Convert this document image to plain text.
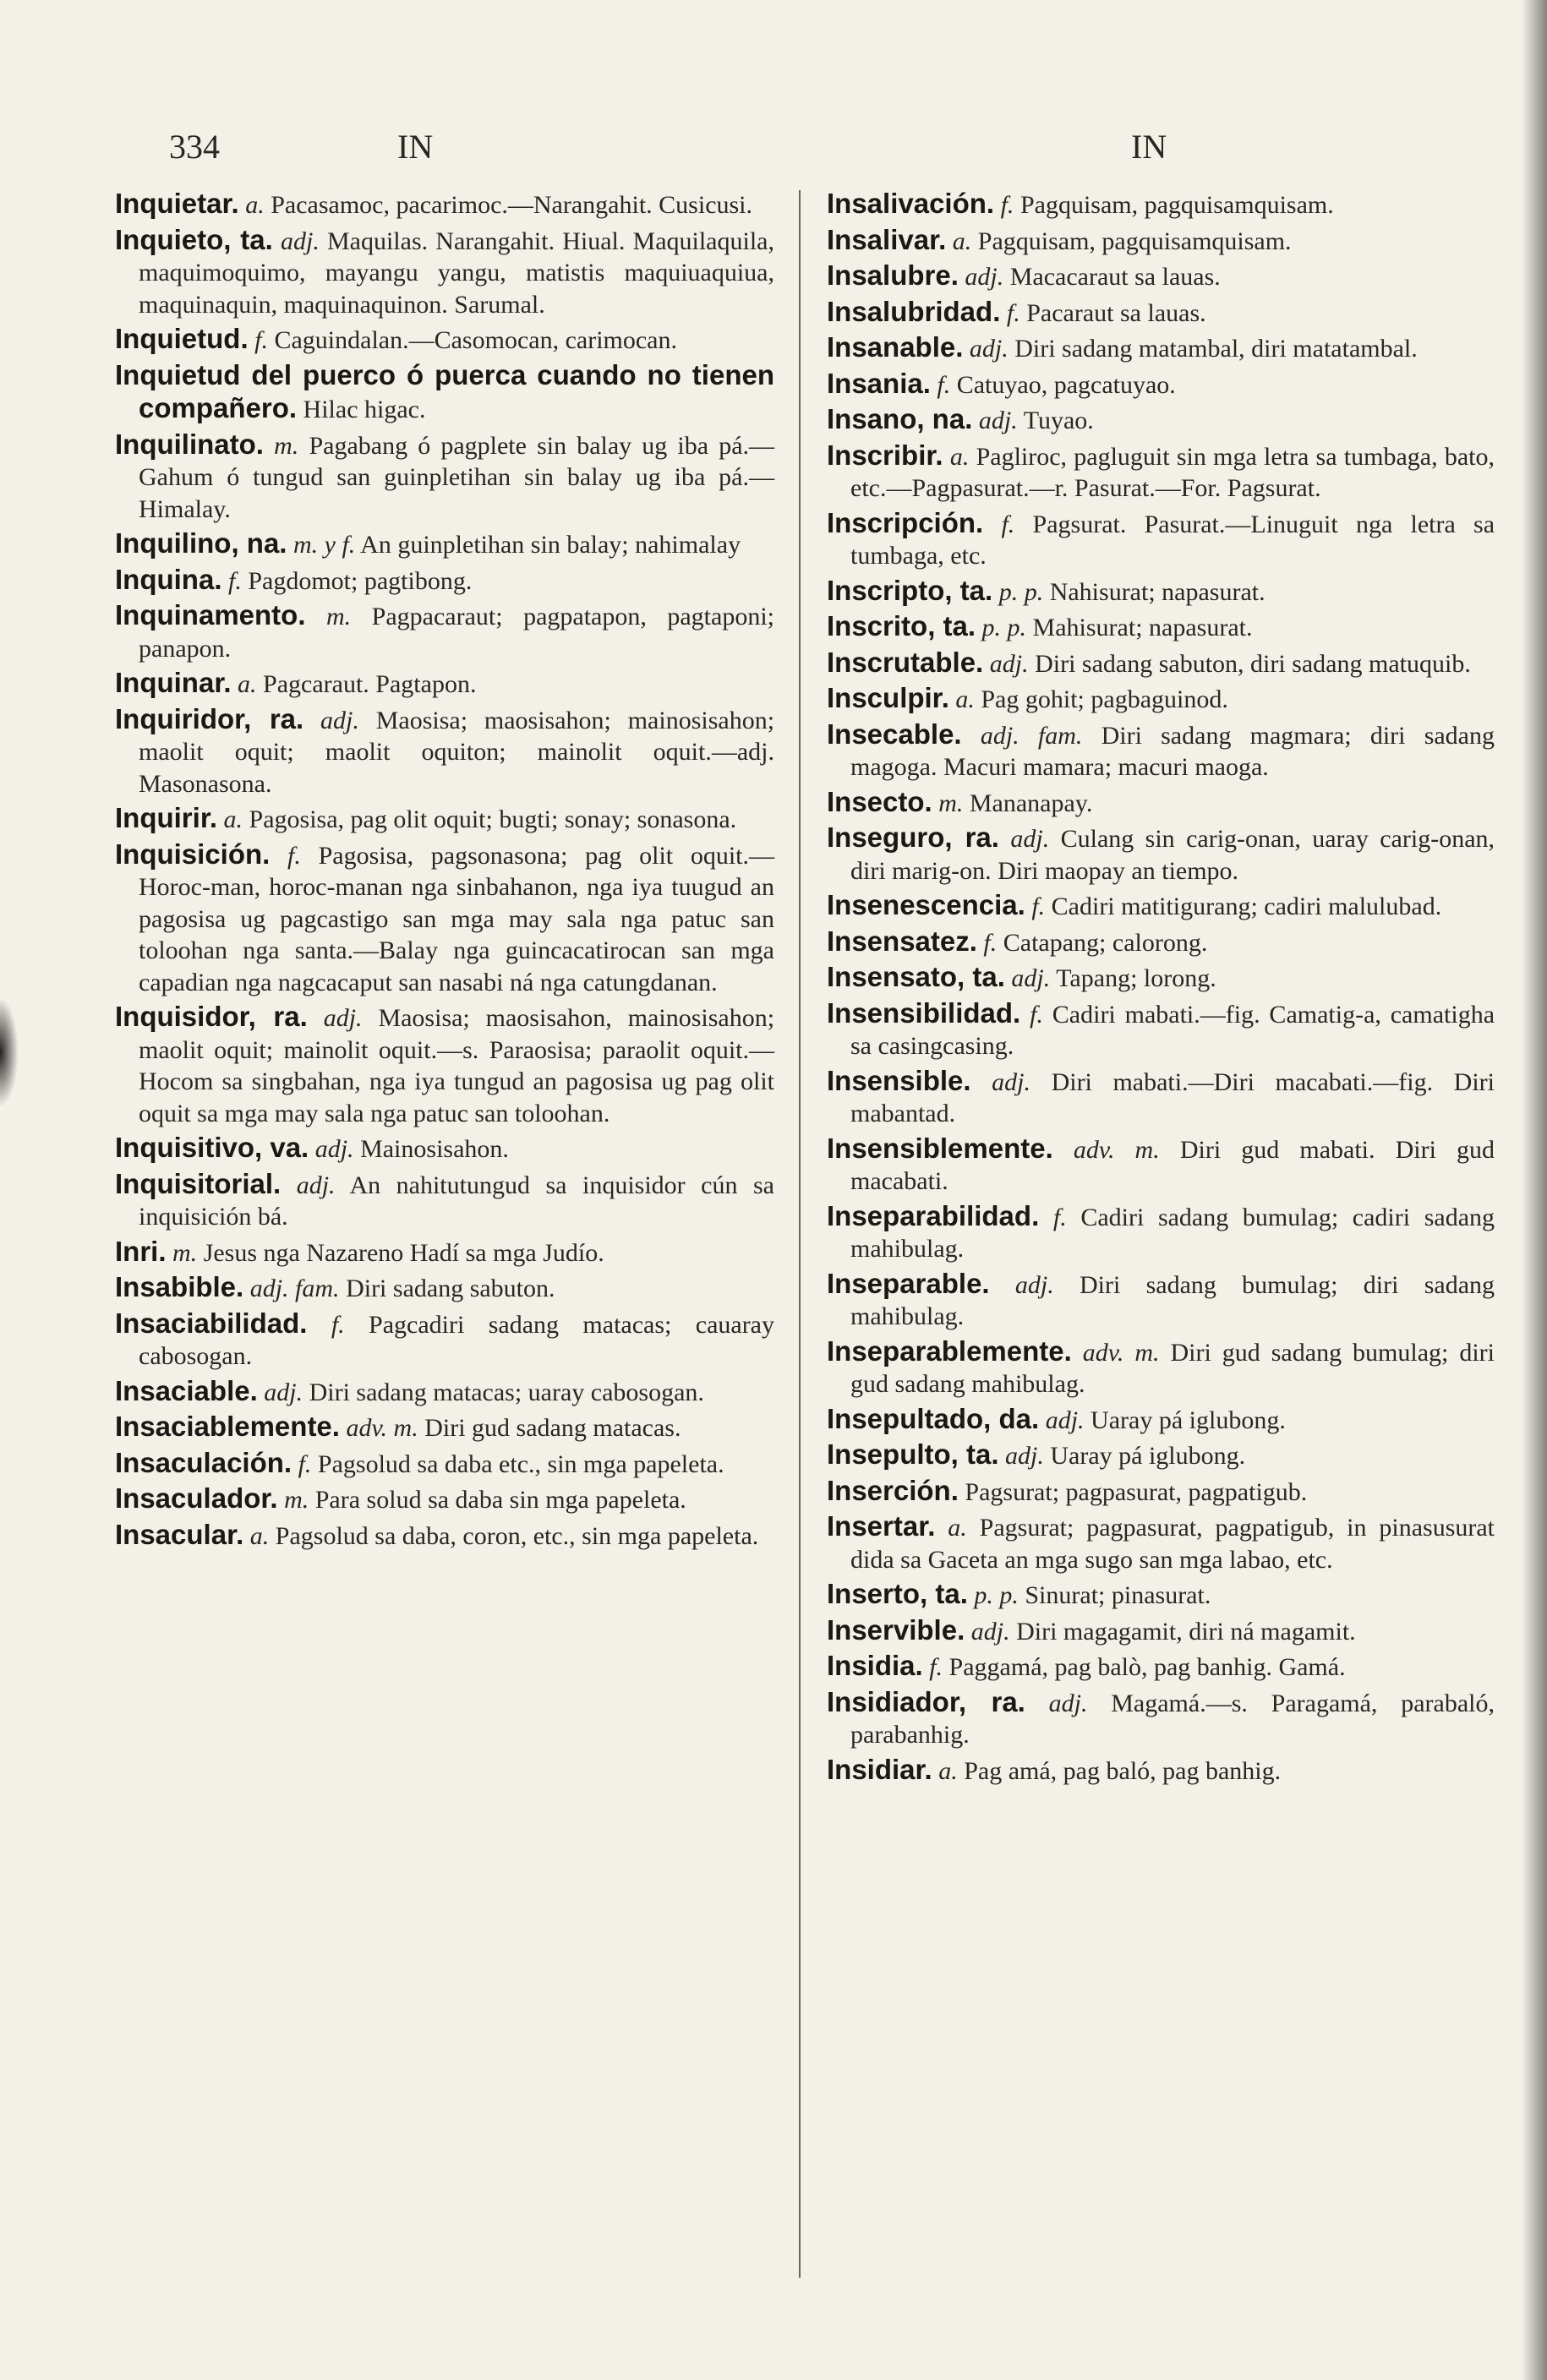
334	IN	IN

Inquietar. a. Pacasamoc, pacarimoc.—Narangahit. Cusicusi.

Inquieto, ta. adj. Maquilas. Narangahit. Hiual. Maquilaquila, maquimoquimo, mayangu yangu, matistis maquiuaquiua, maquinaquin, maquinaquinon. Sarumal.

Inquietud. f. Caguindalan.—Casomocan, carimocan.

Inquietud del puerco ó puerca cuando no tienen compañero. Hilac higac.

Inquilinato. m. Pagabang ó pagplete sin balay ug iba pá.—Gahum ó tungud san guinpletihan sin balay ug iba pá.—Himalay.

Inquilino, na. m. y f. An guinpletihan sin balay; nahimalay

Inquina. f. Pagdomot; pagtibong.

Inquinamento. m. Pagpacaraut; pagpatapon, pagtaponi; panapon.

Inquinar. a. Pagcaraut. Pagtapon.

Inquiridor, ra. adj. Maosisa; maosisahon; mainosisahon; maolit oquit; maolit oquiton; mainolit oquit.—adj. Masonasona.

Inquirir. a. Pagosisa, pag olit oquit; bugti; sonay; sonasona.

Inquisición. f. Pagosisa, pagsonasona; pag olit oquit.—Horoc-man, horoc-manan nga sinbahanon, nga iya tuugud an pagosisa ug pagcastigo san mga may sala nga patuc san toloohan nga santa.—Balay nga guincacatirocan san mga capadian nga nagcacaput san nasabi ná nga catungdanan.

Inquisidor, ra. adj. Maosisa; maosisahon, mainosisahon; maolit oquit; mainolit oquit.—s. Paraosisa; paraolit oquit.—Hocom sa singbahan, nga iya tungud an pagosisa ug pag olit oquit sa mga may sala nga patuc san toloohan.

Inquisitivo, va. adj. Mainosisahon.

Inquisitorial. adj. An nahitutungud sa inquisidor cún sa inquisición bá.

Inri. m. Jesus nga Nazareno Hadí sa mga Judío.

Insabible. adj. fam. Diri sadang sabuton.

Insaciabilidad. f. Pagcadiri sadang matacas; cauaray cabosogan.

Insaciable. adj. Diri sadang matacas; uaray cabosogan.

Insaciablemente. adv. m. Diri gud sadang matacas.

Insaculación. f. Pagsolud sa daba etc., sin mga papeleta.

Insaculador. m. Para solud sa daba sin mga papeleta.

Insacular. a. Pagsolud sa daba, coron, etc., sin mga papeleta.

Insalivación. f. Pagquisam, pagquisamquisam.

Insalivar. a. Pagquisam, pagquisamquisam.

Insalubre. adj. Macacaraut sa lauas.

Insalubridad. f. Pacaraut sa lauas.

Insanable. adj. Diri sadang matambal, diri matatambal.

Insania. f. Catuyao, pagcatuyao.

Insano, na. adj. Tuyao.

Inscribir. a. Pagliroc, pagluguit sin mga letra sa tumbaga, bato, etc.—Pagpasurat.—r. Pasurat.—For. Pagsurat.

Inscripción. f. Pagsurat. Pasurat.—Linuguit nga letra sa tumbaga, etc.

Inscripto, ta. p. p. Nahisurat; napasurat.

Inscrito, ta. p. p. Mahisurat; napasurat.

Inscrutable. adj. Diri sadang sabuton, diri sadang matuquib.

Insculpir. a. Pag gohit; pagbaguinod.

Insecable. adj. fam. Diri sadang magmara; diri sadang magoga. Macuri mamara; macuri maoga.

Insecto. m. Mananapay.

Inseguro, ra. adj. Culang sin carig-onan, uaray carig-onan, diri marig-on. Diri maopay an tiempo.

Insenescencia. f. Cadiri matitigurang; cadiri malulubad.

Insensatez. f. Catapang; calorong.

Insensato, ta. adj. Tapang; lorong.

Insensibilidad. f. Cadiri mabati.—fig. Camatig-a, camatigha sa casingcasing.

Insensible. adj. Diri mabati.—Diri macabati.—fig. Diri mabantad.

Insensiblemente. adv. m. Diri gud mabati. Diri gud macabati.

Inseparabilidad. f. Cadiri sadang bumulag; cadiri sadang mahibulag.

Inseparable. adj. Diri sadang bumulag; diri sadang mahibulag.

Inseparablemente. adv. m. Diri gud sadang bumulag; diri gud sadang mahibulag.

Insepultado, da. adj. Uaray pá iglubong.

Insepulto, ta. adj. Uaray pá iglubong.

Inserción. Pagsurat; pagpasurat, pagpatigub.

Insertar. a. Pagsurat; pagpasurat, pagpatigub, in pinasusurat dida sa Gaceta an mga sugo san mga labao, etc.

Inserto, ta. p. p. Sinurat; pinasurat.

Inservible. adj. Diri magagamit, diri ná magamit.

Insidia. f. Paggamá, pag balò, pag banhig. Gamá.

Insidiador, ra. adj. Magamá.—s. Paragamá, parabaló, parabanhig.

Insidiar. a. Pag amá, pag baló, pag banhig.
